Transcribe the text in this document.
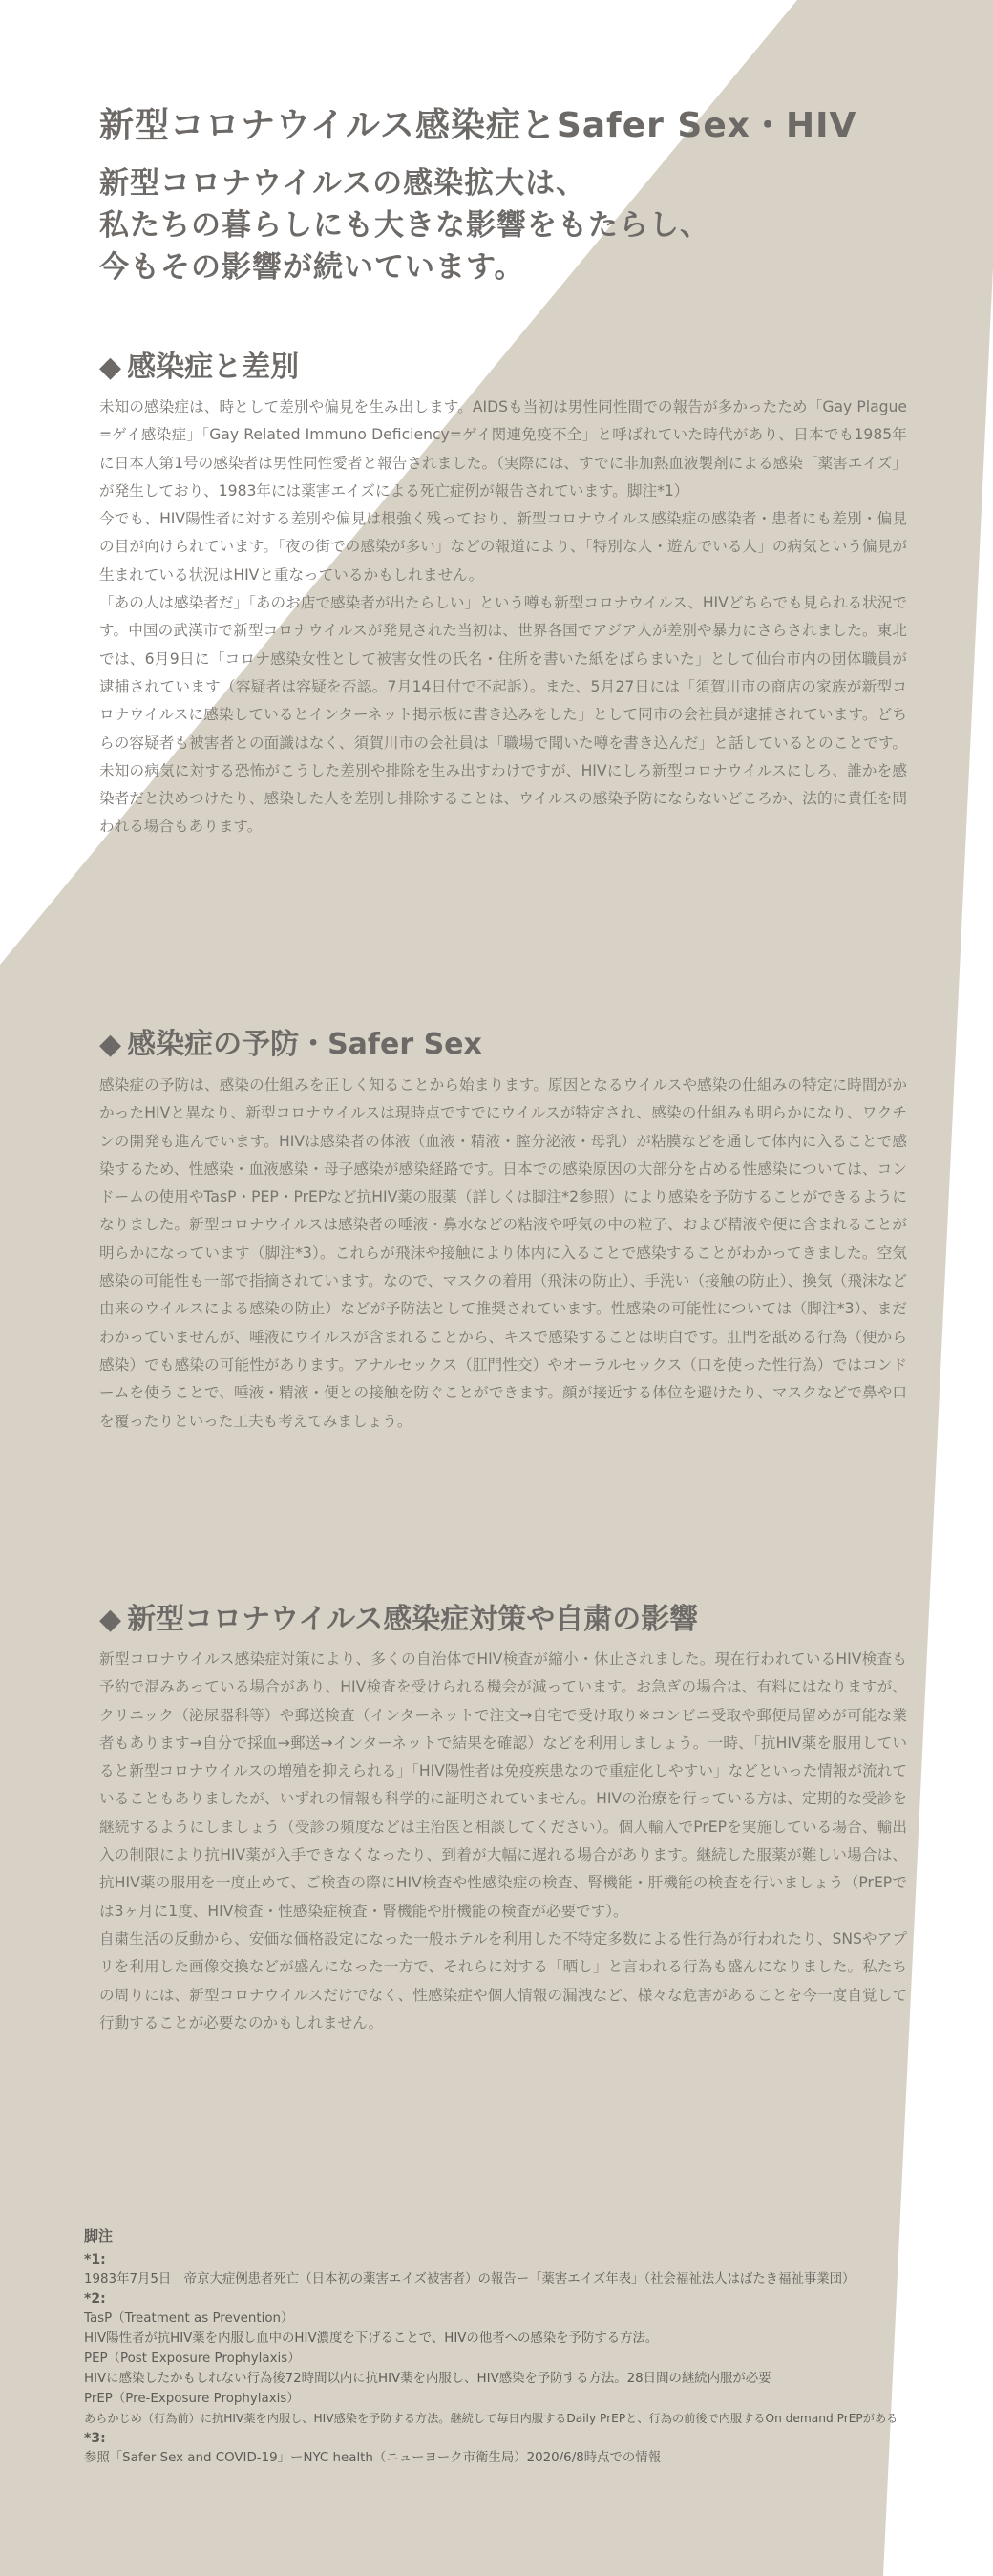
新型コロナウイルス感染症とSafer Sex・HIV
新型コロナウイルスの感染拡大は、
私たちの暮らしにも大きな影響をもたらし、
今もその影響が続いています。
◆ 感染症と差別

未知の感染症は、時として差別や偏見を生み出します。AIDSも当初は男性同性間での報告が多かったため「Gay Plague=ゲイ感染症」「Gay Related Immuno Deficiency=ゲイ関連免疫不全」と呼ばれていた時代があり、日本でも1985年に日本人第1号の感染者は男性同性愛者と報告されました。（実際には、すでに非加熱血液製剤による感染「薬害エイズ」が発生しており、1983年には薬害エイズによる死亡症例が報告されています。脚注*1）

今でも、HIV陽性者に対する差別や偏見は根強く残っており、新型コロナウイルス感染症の感染者・患者にも差別・偏見の目が向けられています。「夜の街での感染が多い」などの報道により、「特別な人・遊んでいる人」の病気という偏見が生まれている状況はHIVと重なっているかもしれません。

「あの人は感染者だ」「あのお店で感染者が出たらしい」という噂も新型コロナウイルス、HIVどちらでも見られる状況です。中国の武漢市で新型コロナウイルスが発見された当初は、世界各国でアジア人が差別や暴力にさらされました。東北では、6月9日に「コロナ感染女性として被害女性の氏名・住所を書いた紙をばらまいた」として仙台市内の団体職員が逮捕されています（容疑者は容疑を否認。7月14日付で不起訴）。また、5月27日には「須賀川市の商店の家族が新型コロナウイルスに感染しているとインターネット掲示板に書き込みをした」として同市の会社員が逮捕されています。どちらの容疑者も被害者との面識はなく、須賀川市の会社員は「職場で聞いた噂を書き込んだ」と話しているとのことです。未知の病気に対する恐怖がこうした差別や排除を生み出すわけですが、HIVにしろ新型コロナウイルスにしろ、誰かを感染者だと決めつけたり、感染した人を差別し排除することは、ウイルスの感染予防にならないどころか、法的に責任を問われる場合もあります。

◆ 感染症の予防・Safer Sex

感染症の予防は、感染の仕組みを正しく知ることから始まります。原因となるウイルスや感染の仕組みの特定に時間がかかったHIVと異なり、新型コロナウイルスは現時点ですでにウイルスが特定され、感染の仕組みも明らかになり、ワクチンの開発も進んでいます。HIVは感染者の体液（血液・精液・膣分泌液・母乳）が粘膜などを通して体内に入ることで感染するため、性感染・血液感染・母子感染が感染経路です。日本での感染原因の大部分を占める性感染については、コンドームの使用やTasP・PEP・PrEPなど抗HIV薬の服薬（詳しくは脚注*2参照）により感染を予防することができるようになりました。新型コロナウイルスは感染者の唾液・鼻水などの粘液や呼気の中の粒子、および精液や便に含まれることが明らかになっています（脚注*3）。これらが飛沫や接触により体内に入ることで感染することがわかってきました。空気感染の可能性も一部で指摘されています。なので、マスクの着用（飛沫の防止）、手洗い（接触の防止）、換気（飛沫など由来のウイルスによる感染の防止）などが予防法として推奨されています。性感染の可能性については（脚注*3）、まだわかっていませんが、唾液にウイルスが含まれることから、キスで感染することは明白です。肛門を舐める行為（便から感染）でも感染の可能性があります。アナルセックス（肛門性交）やオーラルセックス（口を使った性行為）ではコンドームを使うことで、唾液・精液・便との接触を防ぐことができます。顔が接近する体位を避けたり、マスクなどで鼻や口を覆ったりといった工夫も考えてみましょう。

◆ 新型コロナウイルス感染症対策や自粛の影響

新型コロナウイルス感染症対策により、多くの自治体でHIV検査が縮小・休止されました。現在行われているHIV検査も予約で混みあっている場合があり、HIV検査を受けられる機会が減っています。お急ぎの場合は、有料にはなりますが、クリニック（泌尿器科等）や郵送検査（インターネットで注文→自宅で受け取り※コンビニ受取や郵便局留めが可能な業者もあります→自分で採血→郵送→インターネットで結果を確認）などを利用しましょう。一時、「抗HIV薬を服用していると新型コロナウイルスの増殖を抑えられる」「HIV陽性者は免疫疾患なので重症化しやすい」などといった情報が流れていることもありましたが、いずれの情報も科学的に証明されていません。HIVの治療を行っている方は、定期的な受診を継続するようにしましょう（受診の頻度などは主治医と相談してください）。個人輸入でPrEPを実施している場合、輸出入の制限により抗HIV薬が入手できなくなったり、到着が大幅に遅れる場合があります。継続した服薬が難しい場合は、抗HIV薬の服用を一度止めて、ご検査の際にHIV検査や性感染症の検査、腎機能・肝機能の検査を行いましょう（PrEPでは3ヶ月に1度、HIV検査・性感染症検査・腎機能や肝機能の検査が必要です）。

自粛生活の反動から、安価な価格設定になった一般ホテルを利用した不特定多数による性行為が行われたり、SNSやアプリを利用した画像交換などが盛んになった一方で、それらに対する「晒し」と言われる行為も盛んになりました。私たちの周りには、新型コロナウイルスだけでなく、性感染症や個人情報の漏洩など、様々な危害があることを今一度自覚して行動することが必要なのかもしれません。

脚注

*1:
1983年7月5日　帝京大症例患者死亡（日本初の薬害エイズ被害者）の報告ー「薬害エイズ年表」（社会福祉法人はばたき福祉事業団）
*2:
TasP（Treatment as Prevention）
HIV陽性者が抗HIV薬を内服し血中のHIV濃度を下げることで、HIVの他者への感染を予防する方法。
PEP（Post Exposure Prophylaxis）
HIVに感染したかもしれない行為後72時間以内に抗HIV薬を内服し、HIV感染を予防する方法。28日間の継続内服が必要
PrEP（Pre-Exposure Prophylaxis）
あらかじめ（行為前）に抗HIV薬を内服し、HIV感染を予防する方法。継続して毎日内服するDaily PrEPと、行為の前後で内服するOn demand PrEPがある
*3:
参照「Safer Sex and COVID-19」ーNYC health（ニューヨーク市衛生局）2020/6/8時点での情報
